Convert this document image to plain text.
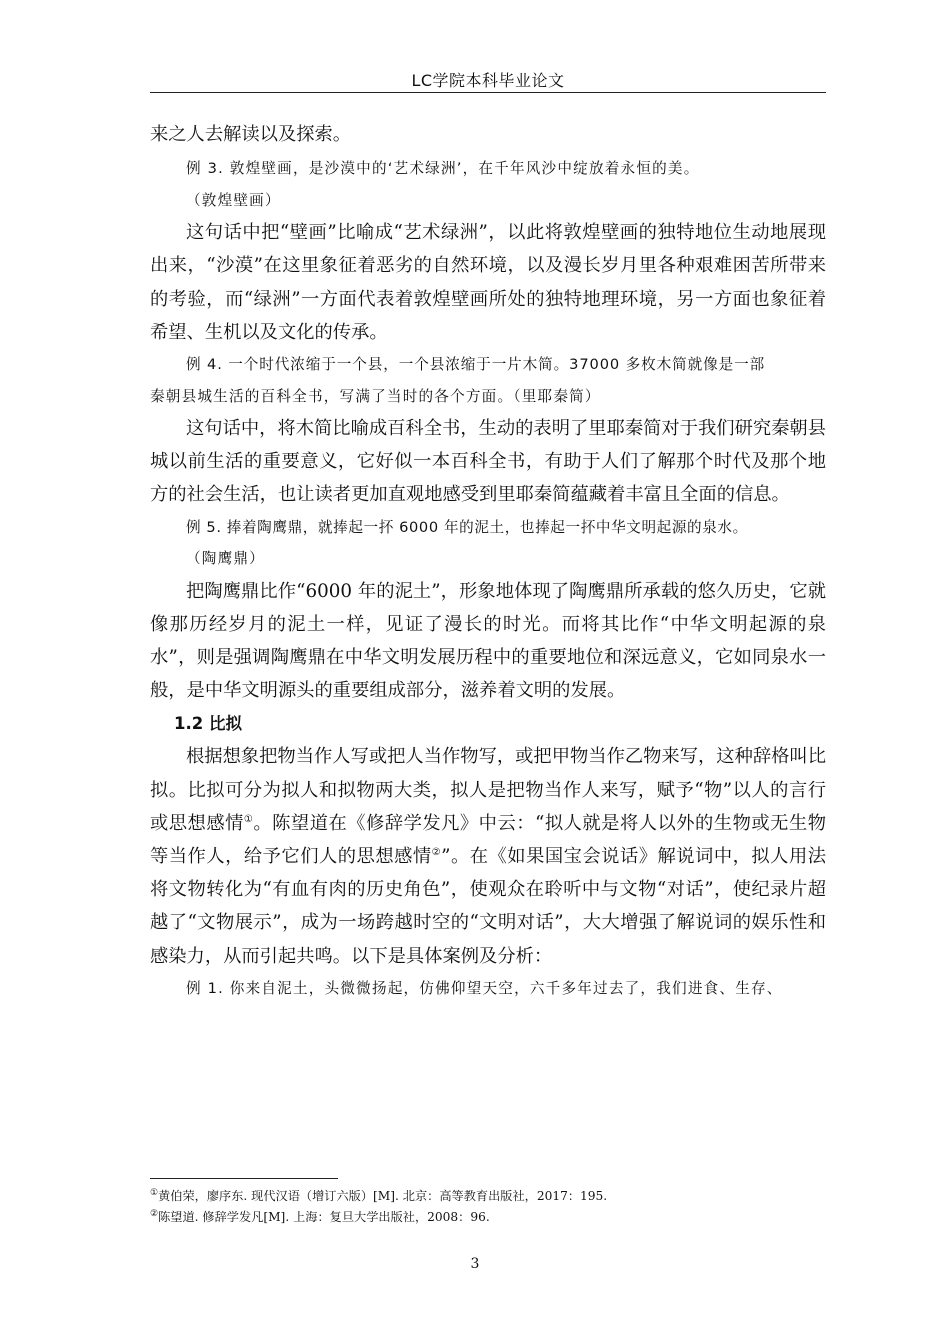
LC学院本科毕业论文

来之人去解读以及探索。

例 3. 敦煌壁画，是沙漠中的‘艺术绿洲’，在千年风沙中绽放着永恒的美。

（敦煌壁画）

这句话中把“壁画”比喻成“艺术绿洲”，以此将敦煌壁画的独特地位生动地展现出来，“沙漠”在这里象征着恶劣的自然环境，以及漫长岁月里各种艰难困苦所带来的考验，而“绿洲”一方面代表着敦煌壁画所处的独特地理环境，另一方面也象征着希望、生机以及文化的传承。

例 4. 一个时代浓缩于一个县，一个县浓缩于一片木简。37000 多枚木简就像是一部

秦朝县城生活的百科全书，写满了当时的各个方面。（里耶秦简）

这句话中，将木简比喻成百科全书，生动的表明了里耶秦简对于我们研究秦朝县城以前生活的重要意义，它好似一本百科全书，有助于人们了解那个时代及那个地方的社会生活，也让读者更加直观地感受到里耶秦简蕴藏着丰富且全面的信息。

例 5. 捧着陶鹰鼎，就捧起一抔 6000 年的泥土，也捧起一抔中华文明起源的泉水。

（陶鹰鼎）

把陶鹰鼎比作“6000 年的泥土”，形象地体现了陶鹰鼎所承载的悠久历史，它就像那历经岁月的泥土一样，见证了漫长的时光。而将其比作“中华文明起源的泉水”，则是强调陶鹰鼎在中华文明发展历程中的重要地位和深远意义，它如同泉水一般，是中华文明源头的重要组成部分，滋养着文明的发展。

1.2 比拟

根据想象把物当作人写或把人当作物写，或把甲物当作乙物来写，这种辞格叫比拟。比拟可分为拟人和拟物两大类，拟人是把物当作人来写，赋予“物”以人的言行或思想感情①。陈望道在《修辞学发凡》中云：“拟人就是将人以外的生物或无生物等当作人，给予它们人的思想感情②”。在《如果国宝会说话》解说词中，拟人用法将文物转化为“有血有肉的历史角色”，使观众在聆听中与文物“对话”，使纪录片超越了“文物展示”，成为一场跨越时空的“文明对话”，大大增强了解说词的娱乐性和感染力，从而引起共鸣。以下是具体案例及分析：

例 1. 你来自泥土，头微微扬起，仿佛仰望天空，六千多年过去了，我们进食、生存、

①黄伯荣，廖序东. 现代汉语（增订六版）[M]. 北京：高等教育出版社，2017：195.
②陈望道. 修辞学发凡[M]. 上海：复旦大学出版社，2008：96.
3
